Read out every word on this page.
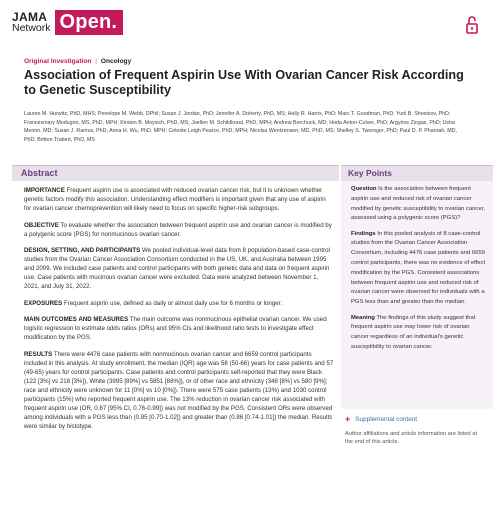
JAMA
Network Open.
Original Investigation | Oncology
Association of Frequent Aspirin Use With Ovarian Cancer Risk According to Genetic Susceptibility
Lauren M. Hurwitz, PhD, MHS; Penelope M. Webb, DPhil; Susan J. Jordan, PhD; Jennifer A. Doherty, PhD, MS; Holly R. Harris, PhD; Marc T. Goodman, PhD; Yurii B. Shvetsov, PhD; Francesmary Modugno, MS, PhD, MPH; Kirsten B. Moysich, PhD, MS; Joellen M. Schildkraut, PhD, MPH; Andrew Berchuck, MD; Hoda Anton-Culver, PhD; Argyrios Ziogas, PhD; Usha Menon, MD; Susan J. Ramus, PhD; Anna H. Wu, PhD, MPH; Celeste Leigh Pearce, PhD, MPH; Nicolas Wentzensen, MD, PhD, MS; Shelley S. Tworoger, PhD; Paul D. P. Pharoah, MD, PhD; Britton Trabert, PhD, MS
Abstract

IMPORTANCE Frequent aspirin use is associated with reduced ovarian cancer risk, but it is unknown whether genetic factors modify this association. Understanding effect modifiers is important given that any use of aspirin for ovarian cancer chemoprevention will likely need to focus on specific higher-risk subgroups.

OBJECTIVE To evaluate whether the association between frequent aspirin use and ovarian cancer is modified by a polygenic score (PGS) for nonmucinous ovarian cancer.

DESIGN, SETTING, AND PARTICIPANTS We pooled individual-level data from 8 population-based case-control studies from the Ovarian Cancer Association Consortium conducted in the US, UK, and Australia between 1995 and 2009. We included case patients and control participants with both genetic data and data on frequent aspirin use. Case patients with mucinous ovarian cancer were excluded. Data were analyzed between November 1, 2021, and July 31, 2022.

EXPOSURES Frequent aspirin use, defined as daily or almost daily use for 6 months or longer.

MAIN OUTCOMES AND MEASURES The main outcome was nonmucinous epithelial ovarian cancer. We used logistic regression to estimate odds ratios (ORs) and 95% CIs and likelihood ratio tests to investigate effect modification by the PGS.

RESULTS There were 4476 case patients with nonmucinous ovarian cancer and 6659 control participants included in this analysis. At study enrollment, the median (IQR) age was 58 (50-66) years for case patients and 57 (49-65) years for control participants. Case patients and control participants self-reported that they were Black (122 [3%] vs 218 [3%]), White (3995 [89%] vs 5851 [88%]), or of other race and ethnicity (348 [8%] vs 580 [9%]; race and ethnicity were unknown for 11 [0%] vs 10 [0%]). There were 575 case patients (13%) and 1030 control participants (15%) who reported frequent aspirin use. The 13% reduction in ovarian cancer risk associated with frequent aspirin use (OR, 0.87 [95% CI, 0.76-0.99]) was not modified by the PGS. Consistent ORs were observed among individuals with a PGS less than (0.85 [0.70-1.02]) and greater than (0.86 [0.74-1.01]) the median. Results were similar by histotype.

Key Points

Question Is the association between frequent aspirin use and reduced risk of ovarian cancer modified by genetic susceptibility to ovarian cancer, assessed using a polygenic score (PGS)?

Findings In this pooled analysis of 8 case-control studies from the Ovarian Cancer Association Consortium, including 4476 case patients and 6659 control participants, there was no evidence of effect modification by the PGS. Consistent associations between frequent aspirin use and reduced risk of ovarian cancer were observed for individuals with a PGS less than and greater than the median.

Meaning The findings of this study suggest that frequent aspirin use may lower risk of ovarian cancer regardless of an individual's genetic susceptibility to ovarian cancer.

+ Supplemental content
Author affiliations and article information are listed at the end of this article.
